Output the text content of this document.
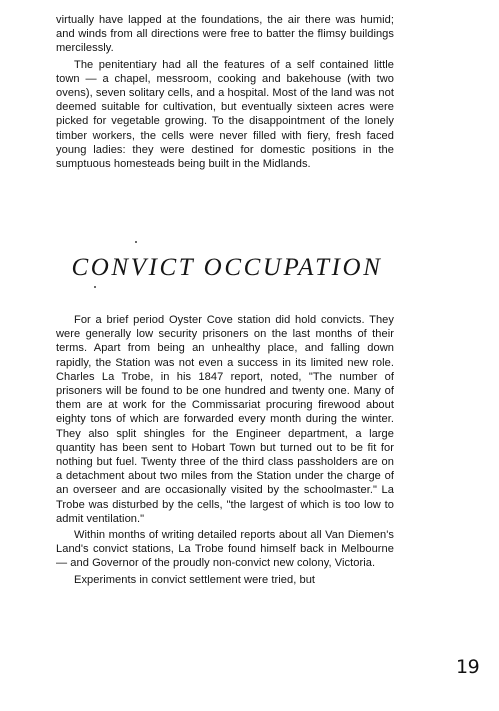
virtually have lapped at the foundations, the air there was humid; and winds from all directions were free to batter the flimsy buildings mercilessly.

The penitentiary had all the features of a self contained little town — a chapel, messroom, cooking and bakehouse (with two ovens), seven solitary cells, and a hospital. Most of the land was not deemed suitable for cultivation, but eventually sixteen acres were picked for vegetable growing. To the disappointment of the lonely timber workers, the cells were never filled with fiery, fresh faced young ladies: they were destined for domestic positions in the sumptuous homesteads being built in the Midlands.

CONVICT OCCUPATION

For a brief period Oyster Cove station did hold convicts. They were generally low security prisoners on the last months of their terms. Apart from being an unhealthy place, and falling down rapidly, the Station was not even a success in its limited new role. Charles La Trobe, in his 1847 report, noted, "The number of prisoners will be found to be one hundred and twenty one. Many of them are at work for the Commissariat procuring firewood about eighty tons of which are forwarded every month during the winter. They also split shingles for the Engineer department, a large quantity has been sent to Hobart Town but turned out to be fit for nothing but fuel. Twenty three of the third class passholders are on a detachment about two miles from the Station under the charge of an overseer and are occasionally visited by the schoolmaster." La Trobe was disturbed by the cells, "the largest of which is too low to admit ventilation."

Within months of writing detailed reports about all Van Diemen's Land's convict stations, La Trobe found himself back in Melbourne — and Governor of the proudly non-convict new colony, Victoria.

Experiments in convict settlement were tried, but

19
